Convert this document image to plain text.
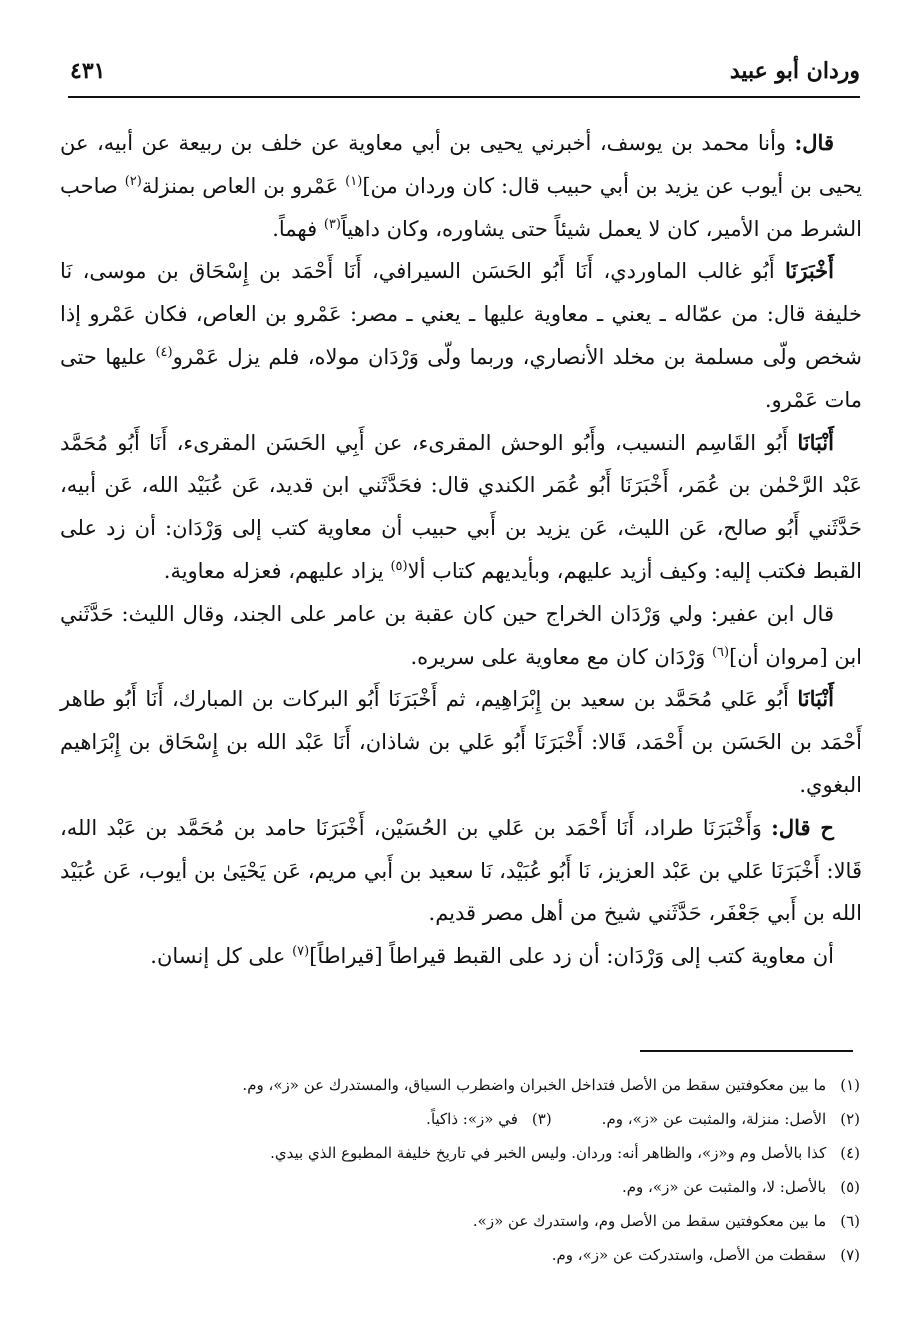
وردان أبو عبيد
٤٣١

قال: وأنا محمد بن يوسف، أخبرني يحيى بن أبي معاوية عن خلف بن ربيعة عن أبيه، عن يحيى بن أيوب عن يزيد بن أبي حبيب قال: كان وردان من]$^{(١)}$ عَمْرو بن العاص بمنزلة$^{(٢)}$ صاحب الشرط من الأمير، كان لا يعمل شيئاً حتى يشاوره، وكان داهياً$^{(٣)}$ فهماً.

أَخْبَرَنَا أَبُو غالب الماوردي، أَنَا أَبُو الحَسَن السيرافي، أَنَا أَحْمَد بن إِسْحَاق بن موسى، نَا خليفة قال: من عمّاله ـ يعني ـ معاوية عليها ـ يعني ـ مصر: عَمْرو بن العاص، فكان عَمْرو إذا شخص ولّى مسلمة بن مخلد الأنصاري، وربما ولّى وَرْدَان مولاه، فلم يزل عَمْرو$^{(٤)}$ عليها حتى مات عَمْرو.

أَنْبَانَا أَبُو القَاسِم النسيب، وأَبُو الوحش المقرىء، عن أَبِي الحَسَن المقرىء، أَنَا أَبُو مُحَمَّد عَبْد الرَّحْمٰن بن عُمَر، أَخْبَرَنَا أَبُو عُمَر الكندي قال: فحَدَّثَني ابن قديد، عَن عُبَيْد الله، عَن أبيه، حَدَّثَني أَبُو صالح، عَن الليث، عَن يزيد بن أَبي حبيب أن معاوية كتب إلى وَرْدَان: أن زد على القبط فكتب إليه: وكيف أزيد عليهم، وبأيديهم كتاب ألا$^{(٥)}$ يزاد عليهم، فعزله معاوية.

قال ابن عفير: ولي وَرْدَان الخراج حين كان عقبة بن عامر على الجند، وقال الليث: حَدَّثَني ابن [مروان أن]$^{(٦)}$ وَرْدَان كان مع معاوية على سريره.

أَنْبَانَا أَبُو عَلي مُحَمَّد بن سعيد بن إِبْرَاهِيم، ثم أَخْبَرَنَا أَبُو البركات بن المبارك، أَنَا أَبُو طاهر أَحْمَد بن الحَسَن بن أَحْمَد، قَالا: أَخْبَرَنَا أَبُو عَلي بن شاذان، أَنَا عَبْد الله بن إِسْحَاق بن إِبْرَاهيم البغوي.

ح قال: وَأَخْبَرَنَا طراد، أَنَا أَحْمَد بن عَلي بن الحُسَيْن، أَخْبَرَنَا حامد بن مُحَمَّد بن عَبْد الله، قَالا: أَخْبَرَنَا عَلي بن عَبْد العزيز، نَا أَبُو عُبَيْد، نَا سعيد بن أَبي مريم، عَن يَحْيَىٰ بن أيوب، عَن عُبَيْد الله بن أَبي جَعْفَر، حَدَّثَني شيخ من أهل مصر قديم.

أن معاوية كتب إلى وَرْدَان: أن زد على القبط قيراطاً [قيراطاً]$^{(٧)}$ على كل إنسان.

(١)ما بين معكوفتين سقط من الأصل فتداخل الخبران واضطرب السياق، والمستدرك عن «ز»، وم.

(٢)الأصل: منزلة، والمثبت عن «ز»، وم.(٣)في «ز»: ذاكياً.

(٤)كذا بالأصل وم و«ز»، والظاهر أنه: وردان. وليس الخبر في تاريخ خليفة المطبوع الذي بيدي.

(٥)بالأصل: لا، والمثبت عن «ز»، وم.

(٦)ما بين معكوفتين سقط من الأصل وم، واستدرك عن «ز».

(٧)سقطت من الأصل، واستدركت عن «ز»، وم.
